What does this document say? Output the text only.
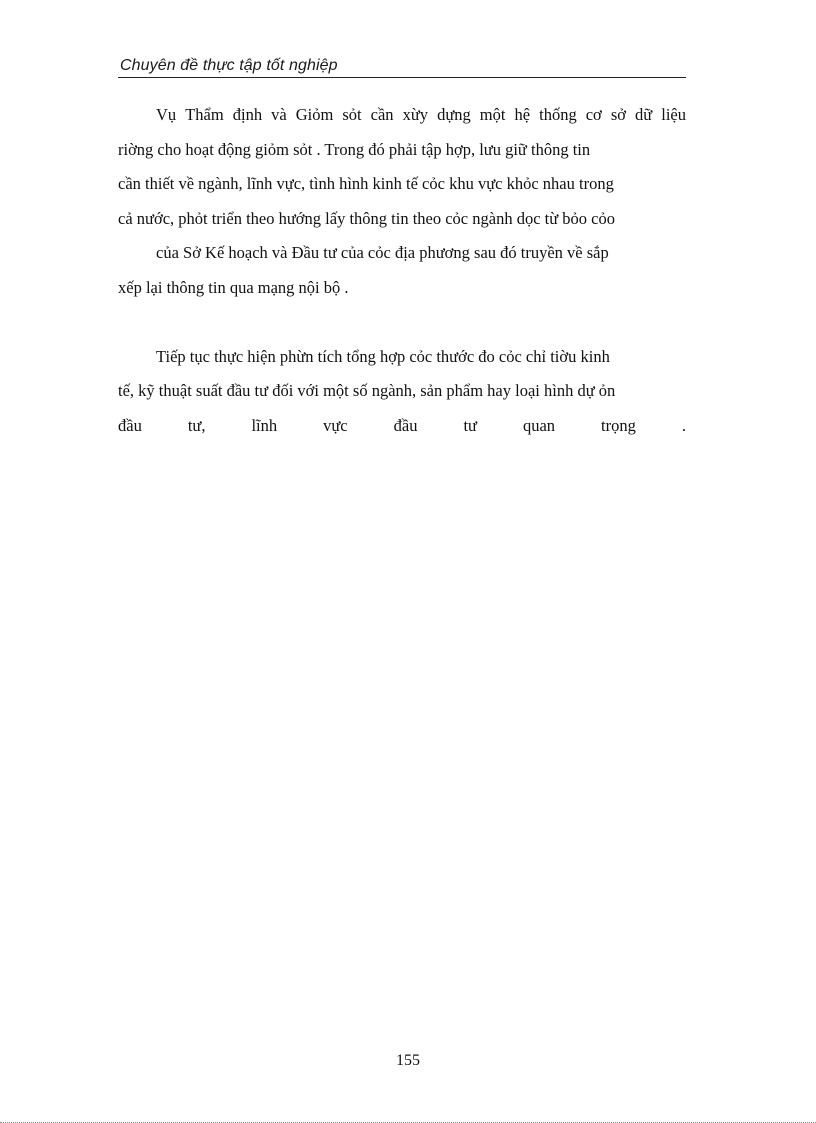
Chuyên đề thực tập tốt nghiệp
Vụ Thẩm định và Giỏm sỏt cần xừy dựng một hệ thống cơ sở dữ liệu
riờng cho hoạt động giỏm sỏt . Trong đó phải tập hợp, lưu giữ thông tin
cần thiết về ngành, lĩnh vực, tình hình kinh tế cỏc khu vực khỏc nhau trong
cả nước, phỏt triển theo hướng lấy thông tin theo cỏc ngành dọc từ bỏo cỏo
của Sở Kế hoạch và Đầu tư của cỏc địa phương sau đó truyền về sắp
xếp lại thông tin qua mạng nội bộ .
Tiếp tục thực hiện phừn tích tổng hợp cỏc thước đo cỏc chỉ tiờu kinh
tế, kỹ thuật suất đầu tư đối với một số ngành, sản phẩm hay loại hình dự ỏn
đầu	tư,	lĩnh	vực	đầu	tư	quan	trọng	.
155
